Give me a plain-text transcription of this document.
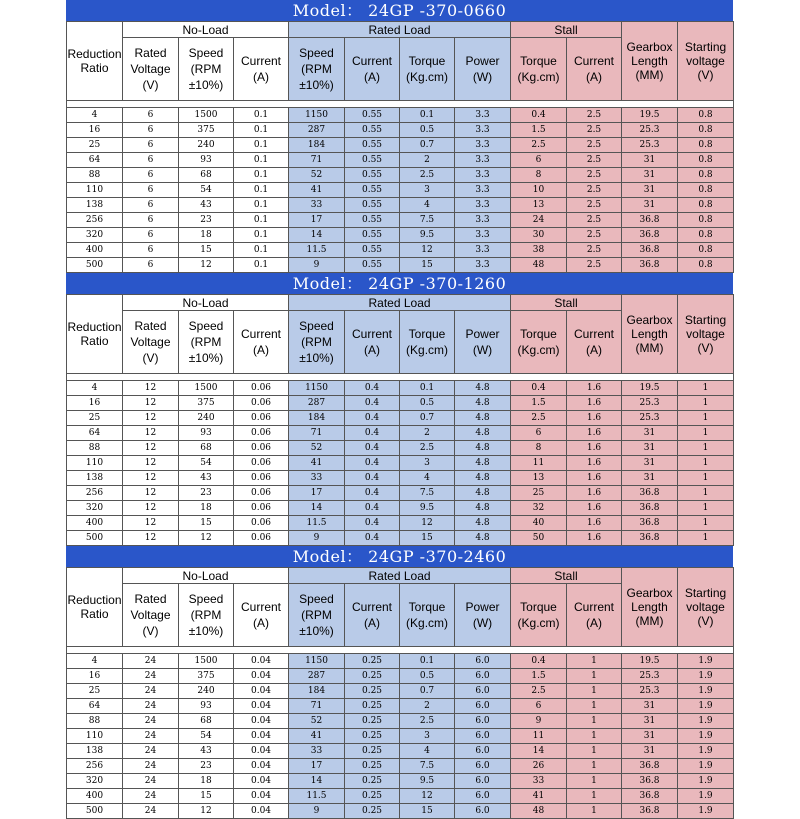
Model： 24GP -370-0660
Reduction Ratio	No-Load			Rated Load				Stall		Gearbox Length (MM)	Starting voltage (V)
	Rated Voltage (V)	Speed (RPM ±10%)	Current (A)	Speed (RPM ±10%)	Current (A)	Torque (Kg.cm)	Power (W)	Torque (Kg.cm)	Current (A)		

4	6	1500	0.1	1150	0.55	0.1	3.3	0.4	2.5	19.5	0.8
16	6	375	0.1	287	0.55	0.5	3.3	1.5	2.5	25.3	0.8
25	6	240	0.1	184	0.55	0.7	3.3	2.5	2.5	25.3	0.8
64	6	93	0.1	71	0.55	2	3.3	6	2.5	31	0.8
88	6	68	0.1	52	0.55	2.5	3.3	8	2.5	31	0.8
110	6	54	0.1	41	0.55	3	3.3	10	2.5	31	0.8
138	6	43	0.1	33	0.55	4	3.3	13	2.5	31	0.8
256	6	23	0.1	17	0.55	7.5	3.3	24	2.5	36.8	0.8
320	6	18	0.1	14	0.55	9.5	3.3	30	2.5	36.8	0.8
400	6	15	0.1	11.5	0.55	12	3.3	38	2.5	36.8	0.8
500	6	12	0.1	9	0.55	15	3.3	48	2.5	36.8	0.8
Model： 24GP -370-1260
Reduction Ratio	No-Load			Rated Load				Stall		Gearbox Length (MM)	Starting voltage (V)
	Rated Voltage (V)	Speed (RPM ±10%)	Current (A)	Speed (RPM ±10%)	Current (A)	Torque (Kg.cm)	Power (W)	Torque (Kg.cm)	Current (A)		

4	12	1500	0.06	1150	0.4	0.1	4.8	0.4	1.6	19.5	1
16	12	375	0.06	287	0.4	0.5	4.8	1.5	1.6	25.3	1
25	12	240	0.06	184	0.4	0.7	4.8	2.5	1.6	25.3	1
64	12	93	0.06	71	0.4	2	4.8	6	1.6	31	1
88	12	68	0.06	52	0.4	2.5	4.8	8	1.6	31	1
110	12	54	0.06	41	0.4	3	4.8	11	1.6	31	1
138	12	43	0.06	33	0.4	4	4.8	13	1.6	31	1
256	12	23	0.06	17	0.4	7.5	4.8	25	1.6	36.8	1
320	12	18	0.06	14	0.4	9.5	4.8	32	1.6	36.8	1
400	12	15	0.06	11.5	0.4	12	4.8	40	1.6	36.8	1
500	12	12	0.06	9	0.4	15	4.8	50	1.6	36.8	1
Model： 24GP -370-2460
Reduction Ratio	No-Load			Rated Load				Stall		Gearbox Length (MM)	Starting voltage (V)
	Rated Voltage (V)	Speed (RPM ±10%)	Current (A)	Speed (RPM ±10%)	Current (A)	Torque (Kg.cm)	Power (W)	Torque (Kg.cm)	Current (A)		

4	24	1500	0.04	1150	0.25	0.1	6.0	0.4	1	19.5	1.9
16	24	375	0.04	287	0.25	0.5	6.0	1.5	1	25.3	1.9
25	24	240	0.04	184	0.25	0.7	6.0	2.5	1	25.3	1.9
64	24	93	0.04	71	0.25	2	6.0	6	1	31	1.9
88	24	68	0.04	52	0.25	2.5	6.0	9	1	31	1.9
110	24	54	0.04	41	0.25	3	6.0	11	1	31	1.9
138	24	43	0.04	33	0.25	4	6.0	14	1	31	1.9
256	24	23	0.04	17	0.25	7.5	6.0	26	1	36.8	1.9
320	24	18	0.04	14	0.25	9.5	6.0	33	1	36.8	1.9
400	24	15	0.04	11.5	0.25	12	6.0	41	1	36.8	1.9
500	24	12	0.04	9	0.25	15	6.0	48	1	36.8	1.9
